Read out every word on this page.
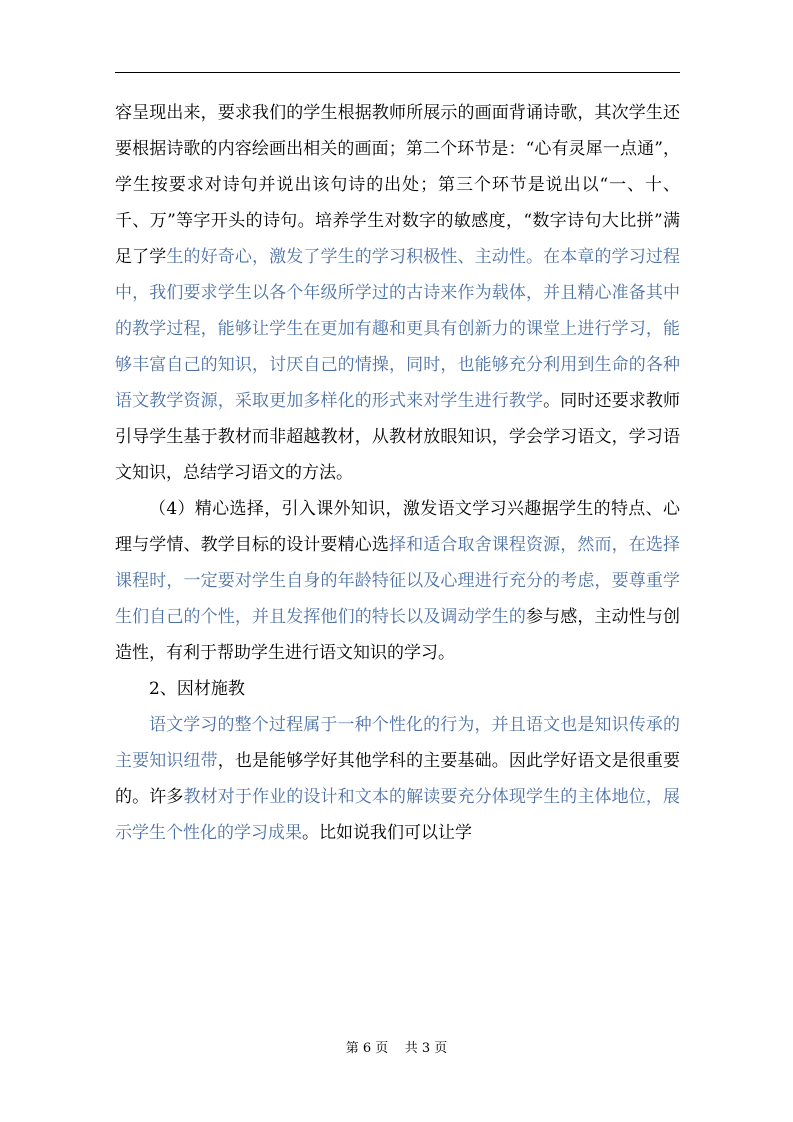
容呈现出来，要求我们的学生根据教师所展示的画面背诵诗歌，其次学生还要根据诗歌的内容绘画出相关的画面；第二个环节是：“心有灵犀一点通”，学生按要求对诗句并说出该句诗的出处；第三个环节是说出以“一、十、千、万”等字开头的诗句。培养学生对数字的敏感度，“数字诗句大比拼”满足了学生的好奇心，激发了学生的学习积极性、主动性。在本章的学习过程中，我们要求学生以各个年级所学过的古诗来作为载体，并且精心准备其中的教学过程，能够让学生在更加有趣和更具有创新力的课堂上进行学习，能够丰富自己的知识，讨厌自己的情操，同时，也能够充分利用到生命的各种语文教学资源，采取更加多样化的形式来对学生进行教学。同时还要求教师引导学生基于教材而非超越教材，从教材放眼知识，学会学习语文，学习语文知识，总结学习语文的方法。

（4）精心选择，引入课外知识，激发语文学习兴趣据学生的特点、心理与学情、教学目标的设计要精心选择和适合取舍课程资源，然而，在选择课程时，一定要对学生自身的年龄特征以及心理进行充分的考虑，要尊重学生们自己的个性，并且发挥他们的特长以及调动学生的参与感，主动性与创造性，有利于帮助学生进行语文知识的学习。

2、因材施教

语文学习的整个过程属于一种个性化的行为，并且语文也是知识传承的主要知识纽带，也是能够学好其他学科的主要基础。因此学好语文是很重要的。许多教材对于作业的设计和文本的解读要充分体现学生的主体地位，展示学生个性化的学习成果。比如说我们可以让学

第 6 页    共 3 页
